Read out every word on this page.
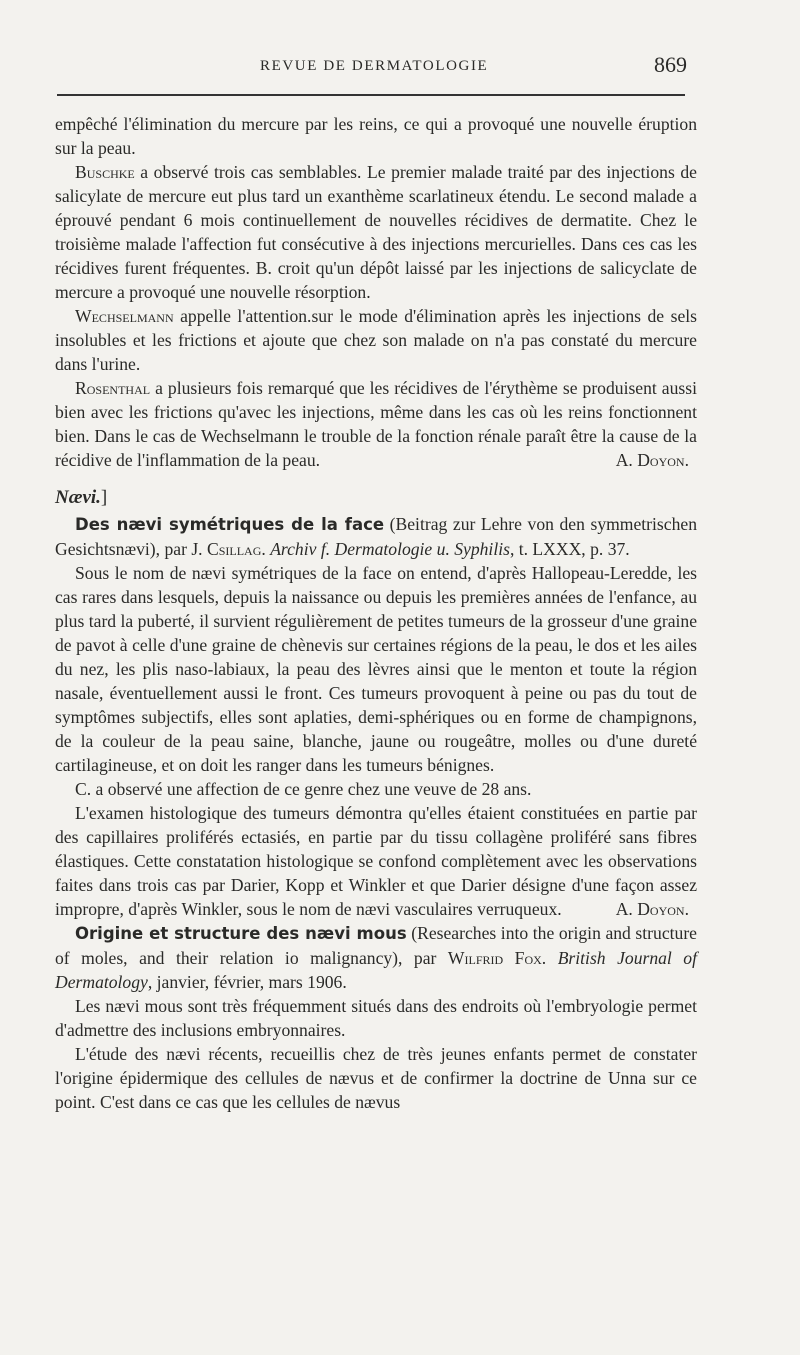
REVUE DE DERMATOLOGIE	869

empêché l'élimination du mercure par les reins, ce qui a provoqué une nouvelle éruption sur la peau.

Buschke a observé trois cas semblables. Le premier malade traité par des injections de salicylate de mercure eut plus tard un exanthème scarlatineux étendu. Le second malade a éprouvé pendant 6 mois continuellement de nouvelles récidives de dermatite. Chez le troisième malade l'affection fut consécutive à des injections mercurielles. Dans ces cas les récidives furent fréquentes. B. croit qu'un dépôt laissé par les injections de salicyclate de mercure a provoqué une nouvelle résorption.

Wechselmann appelle l'attention.sur le mode d'élimination après les injections de sels insolubles et les frictions et ajoute que chez son malade on n'a pas constaté du mercure dans l'urine.

Rosenthal a plusieurs fois remarqué que les récidives de l'érythème se produisent aussi bien avec les frictions qu'avec les injections, même dans les cas où les reins fonctionnent bien. Dans le cas de Wechselmann le trouble de la fonction rénale paraît être la cause de la récidive de l'inflammation de la peau.	A. Doyon.

Nævi.]

Des nævi symétriques de la face (Beitrag zur Lehre von den symmetrischen Gesichtsnævi), par J. Csillag. Archiv f. Dermatologie u. Syphilis, t. LXXX, p. 37.

Sous le nom de nævi symétriques de la face on entend, d'après Hallopeau-Leredde, les cas rares dans lesquels, depuis la naissance ou depuis les premières années de l'enfance, au plus tard la puberté, il survient régulièrement de petites tumeurs de la grosseur d'une graine de pavot à celle d'une graine de chènevis sur certaines régions de la peau, le dos et les ailes du nez, les plis naso-labiaux, la peau des lèvres ainsi que le menton et toute la région nasale, éventuellement aussi le front. Ces tumeurs provoquent à peine ou pas du tout de symptômes subjectifs, elles sont aplaties, demi-sphériques ou en forme de champignons, de la couleur de la peau saine, blanche, jaune ou rougeâtre, molles ou d'une dureté cartilagineuse, et on doit les ranger dans les tumeurs bénignes.

C. a observé une affection de ce genre chez une veuve de 28 ans.

L'examen histologique des tumeurs démontra qu'elles étaient constituées en partie par des capillaires proliférés ectasiés, en partie par du tissu collagène proliféré sans fibres élastiques. Cette constatation histologique se confond complètement avec les observations faites dans trois cas par Darier, Kopp et Winkler et que Darier désigne d'une façon assez impropre, d'après Winkler, sous le nom de nævi vasculaires verruqueux.	A. Doyon.

Origine et structure des nævi mous (Researches into the origin and structure of moles, and their relation io malignancy), par Wilfrid Fox. British Journal of Dermatology, janvier, février, mars 1906.

Les nævi mous sont très fréquemment situés dans des endroits où l'embryologie permet d'admettre des inclusions embryonnaires.

L'étude des nævi récents, recueillis chez de très jeunes enfants permet de constater l'origine épidermique des cellules de nævus et de confirmer la doctrine de Unna sur ce point. C'est dans ce cas que les cellules de nævus
